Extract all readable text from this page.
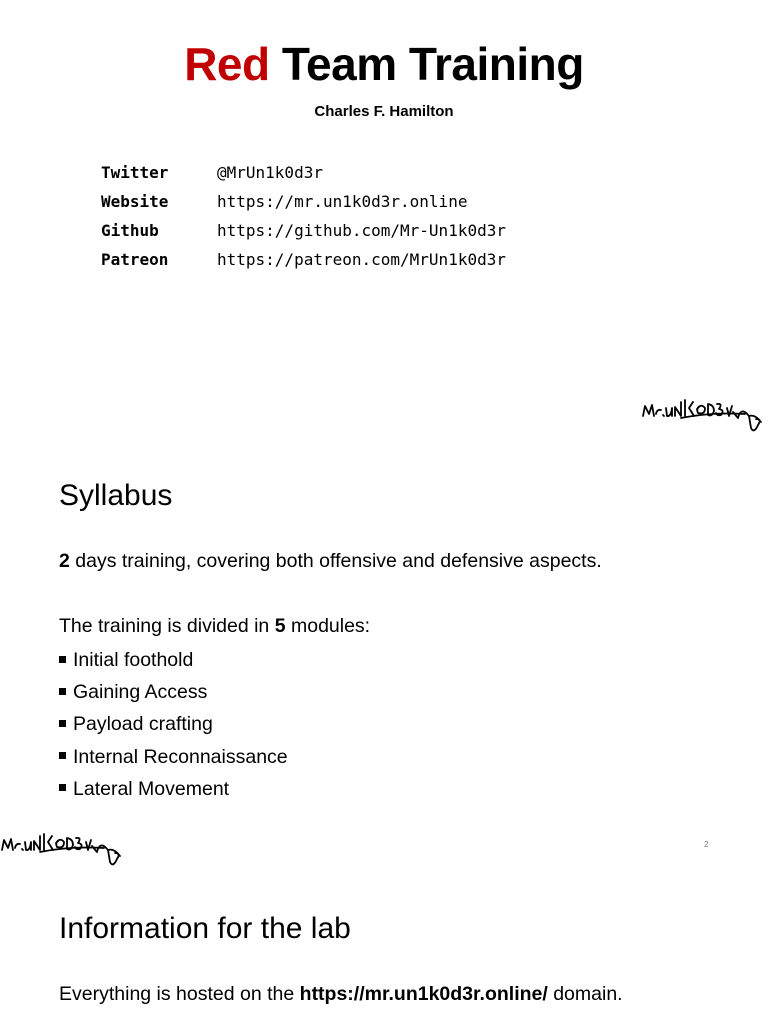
Red Team Training
Charles F. Hamilton
Twitter	@MrUn1k0d3r
Website	https://mr.un1k0d3r.online
Github	https://github.com/Mr-Un1k0d3r
Patreon	https://patreon.com/MrUn1k0d3r
Syllabus
2 days training, covering both offensive and defensive aspects.
The training is divided in 5 modules:
Initial foothold
Gaining Access
Payload crafting
Internal Reconnaissance
Lateral Movement
2
Information for the lab
Everything is hosted on the https://mr.un1k0d3r.online/ domain.
